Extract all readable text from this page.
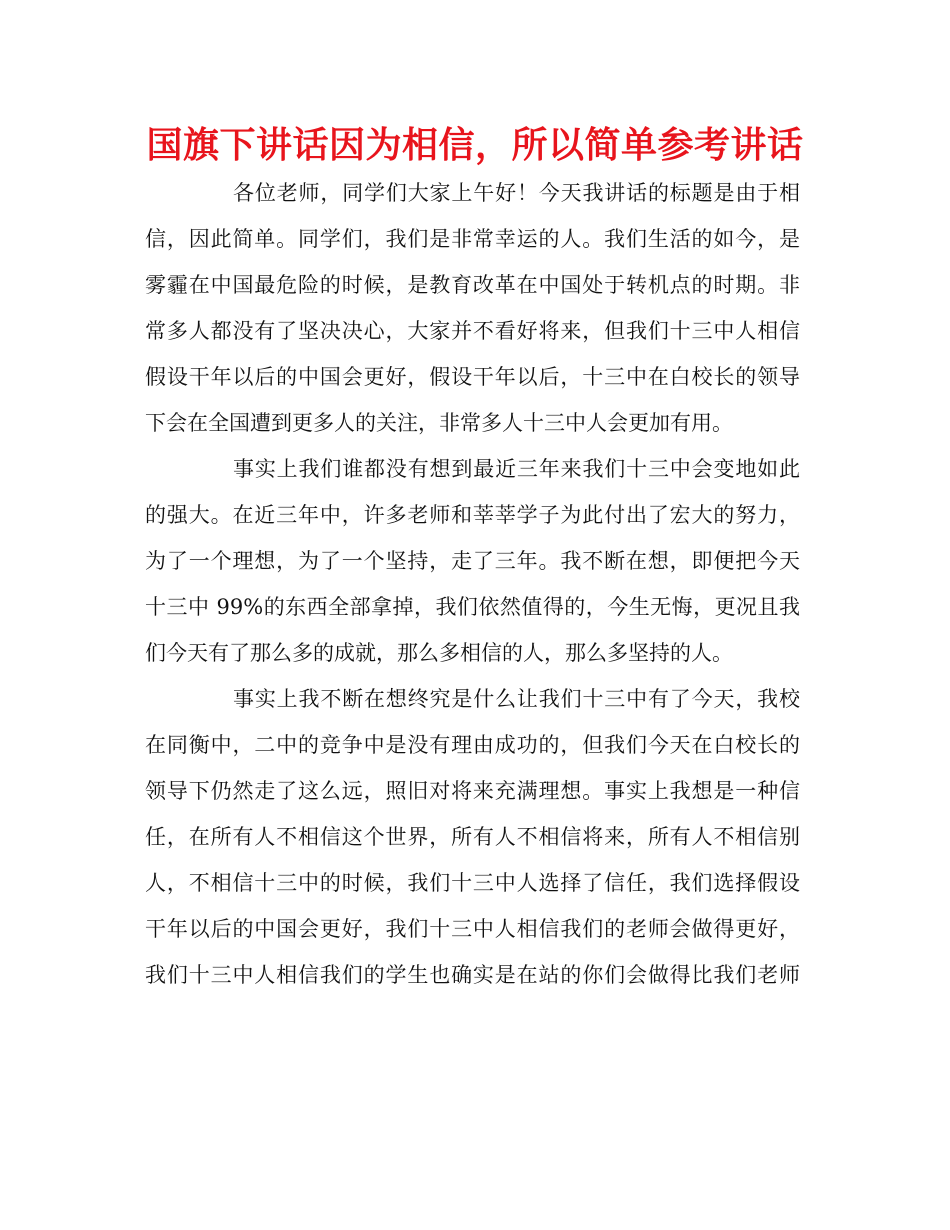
国旗下讲话因为相信，所以简单参考讲话
各位老师，同学们大家上午好！今天我讲话的标题是由于相
信，因此简单。同学们，我们是非常幸运的人。我们生活的如今，是
雾霾在中国最危险的时候，是教育改革在中国处于转机点的时期。非
常多人都没有了坚决决心，大家并不看好将来，但我们十三中人相信
假设干年以后的中国会更好，假设干年以后，十三中在白校长的领导
下会在全国遭到更多人的关注，非常多人十三中人会更加有用。
事实上我们谁都没有想到最近三年来我们十三中会变地如此
的强大。在近三年中，许多老师和莘莘学子为此付出了宏大的努力，
为了一个理想，为了一个坚持，走了三年。我不断在想，即便把今天
十三中 99%的东西全部拿掉，我们依然值得的，今生无悔，更况且我
们今天有了那么多的成就，那么多相信的人，那么多坚持的人。
事实上我不断在想终究是什么让我们十三中有了今天，我校
在同衡中，二中的竞争中是没有理由成功的，但我们今天在白校长的
领导下仍然走了这么远，照旧对将来充满理想。事实上我想是一种信
任，在所有人不相信这个世界，所有人不相信将来，所有人不相信别
人，不相信十三中的时候，我们十三中人选择了信任，我们选择假设
干年以后的中国会更好，我们十三中人相信我们的老师会做得更好，
我们十三中人相信我们的学生也确实是在站的你们会做得比我们老师
